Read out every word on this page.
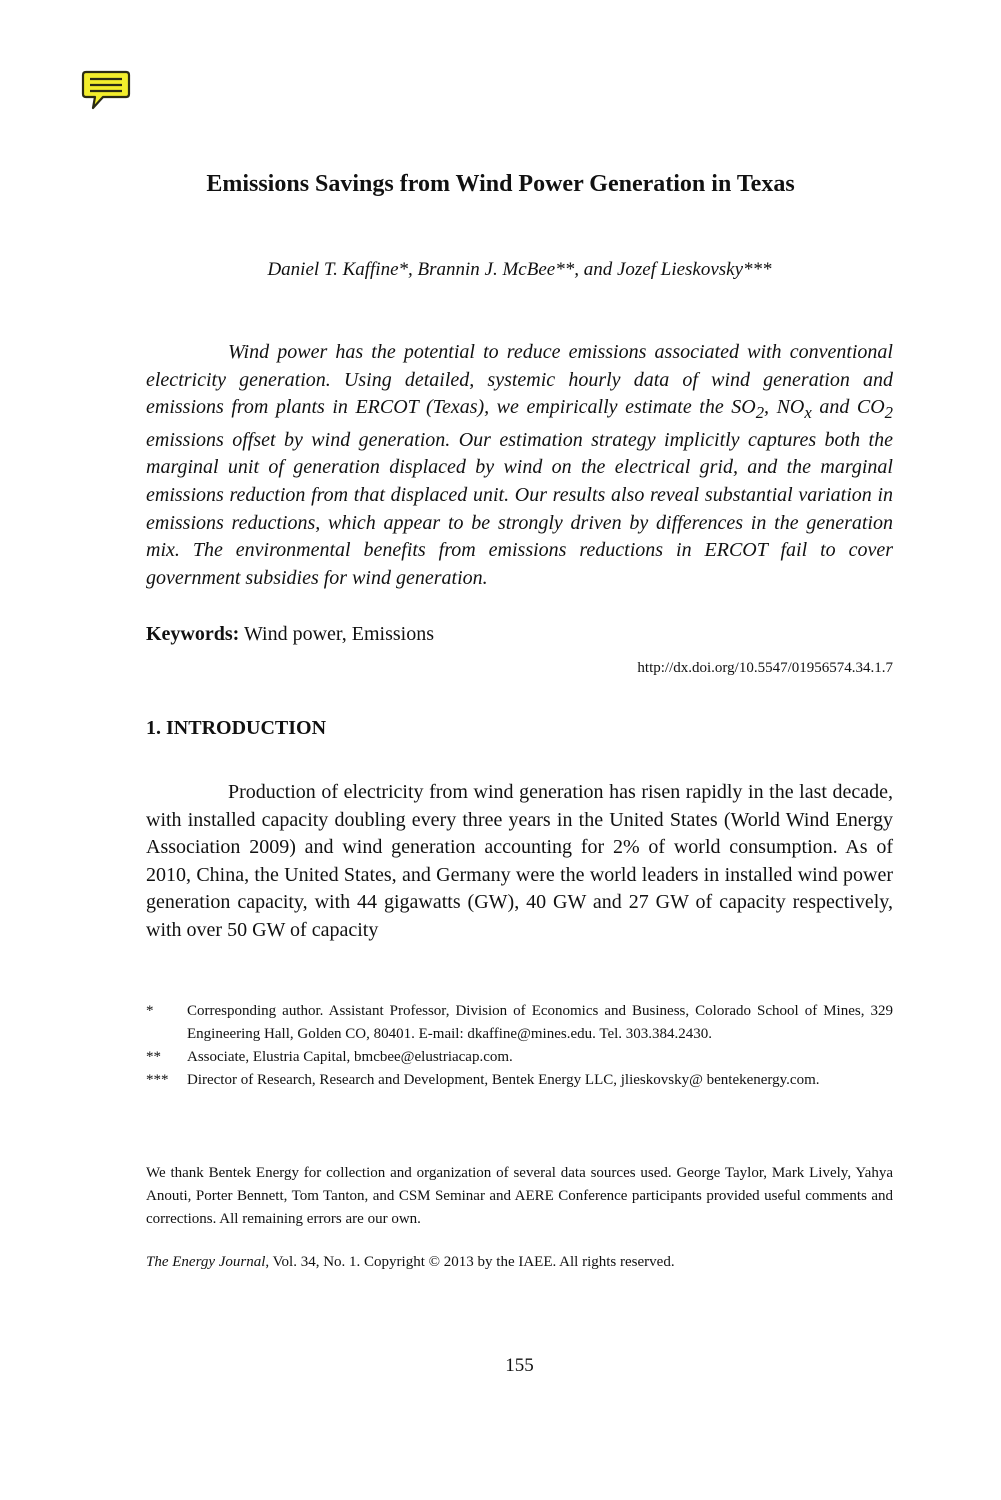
Emissions Savings from Wind Power Generation in Texas

Daniel T. Kaffine*, Brannin J. McBee**, and Jozef Lieskovsky***

Wind power has the potential to reduce emissions associated with conventional electricity generation. Using detailed, systemic hourly data of wind generation and emissions from plants in ERCOT (Texas), we empirically estimate the $SO_2$, $NO_x$ and $CO_2$ emissions offset by wind generation. Our estimation strategy implicitly captures both the marginal unit of generation displaced by wind on the electrical grid, and the marginal emissions reduction from that displaced unit. Our results also reveal substantial variation in emissions reductions, which appear to be strongly driven by differences in the generation mix. The environmental benefits from emissions reductions in ERCOT fail to cover government subsidies for wind generation.

Keywords: Wind power, Emissions

http://dx.doi.org/10.5547/01956574.34.1.7

1. INTRODUCTION

Production of electricity from wind generation has risen rapidly in the last decade, with installed capacity doubling every three years in the United States (World Wind Energy Association 2009) and wind generation accounting for 2% of world consumption. As of 2010, China, the United States, and Germany were the world leaders in installed wind power generation capacity, with 44 gigawatts (GW), 40 GW and 27 GW of capacity respectively, with over 50 GW of capacity

*	Corresponding author. Assistant Professor, Division of Economics and Business, Colorado School of Mines, 329 Engineering Hall, Golden CO, 80401. E-mail: dkaffine@mines.edu. Tel. 303.384.2430.

**	Associate, Elustria Capital, bmcbee@elustriacap.com.

***	Director of Research, Research and Development, Bentek Energy LLC, jlieskovsky@ bentekenergy.com.

We thank Bentek Energy for collection and organization of several data sources used. George Taylor, Mark Lively, Yahya Anouti, Porter Bennett, Tom Tanton, and CSM Seminar and AERE Conference participants provided useful comments and corrections. All remaining errors are our own.

The Energy Journal, Vol. 34, No. 1. Copyright © 2013 by the IAEE. All rights reserved.

155
